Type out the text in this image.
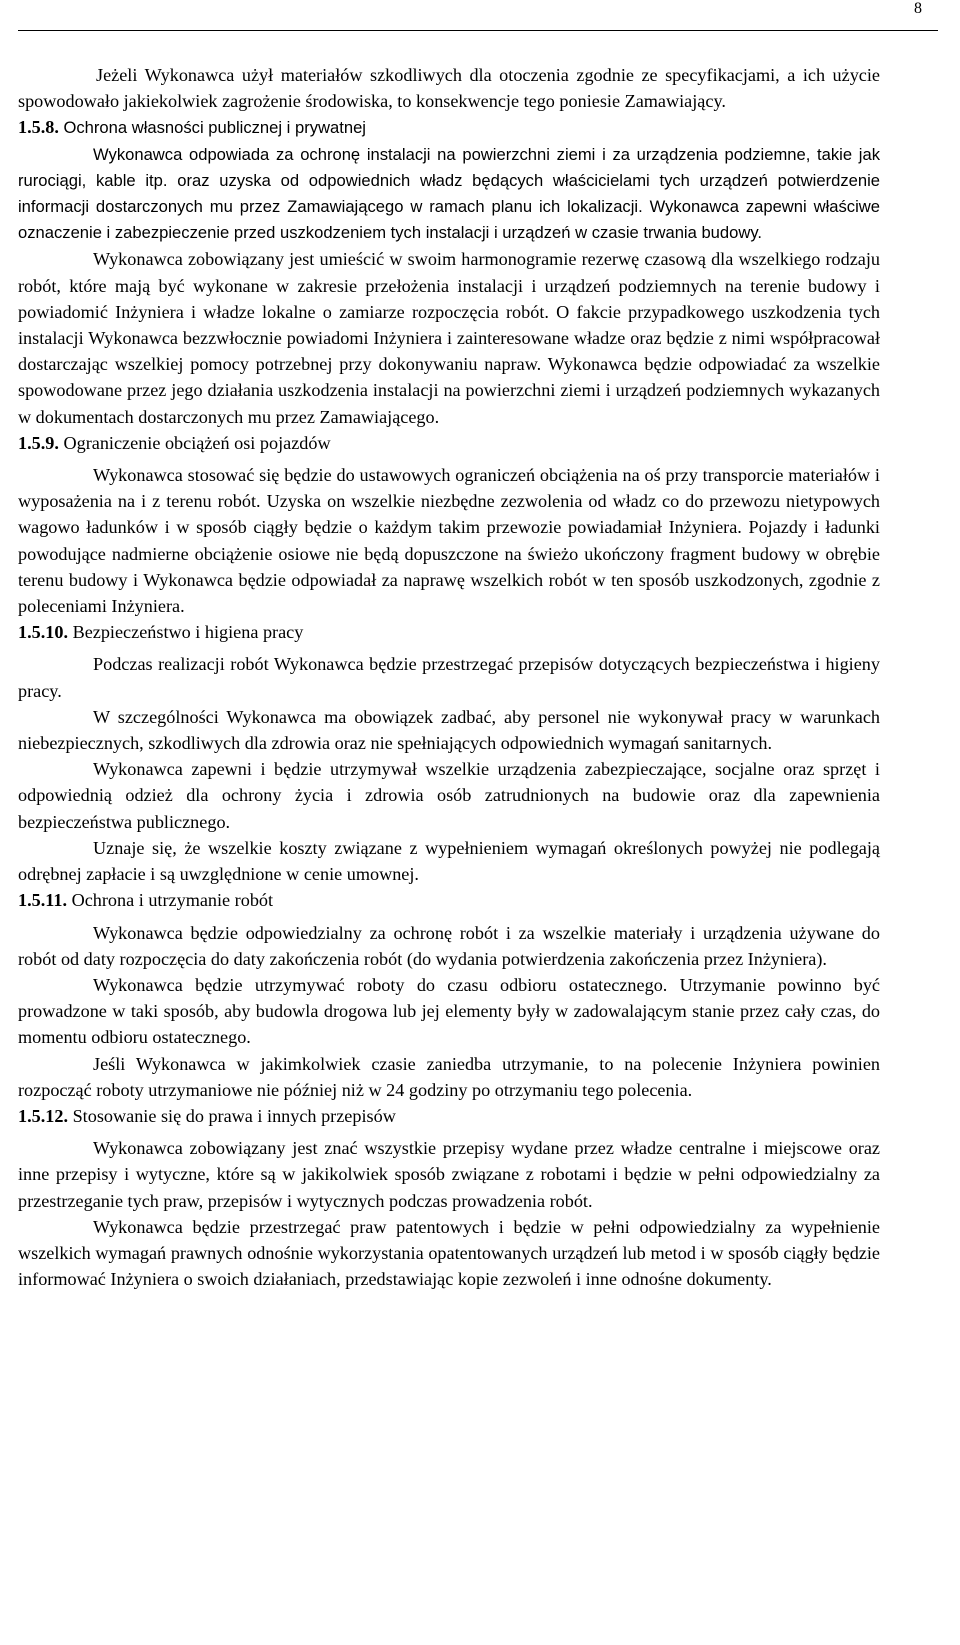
8

Jeżeli Wykonawca użył materiałów szkodliwych dla otoczenia zgodnie ze specyfikacjami, a ich użycie spowodowało jakiekolwiek zagrożenie środowiska, to konsekwencje tego poniesie Zamawiający.

1.5.8. Ochrona własności publicznej i prywatnej

Wykonawca odpowiada za ochronę instalacji na powierzchni ziemi i za urządzenia podziemne, takie jak rurociągi, kable itp. oraz uzyska od odpowiednich władz będących właścicielami tych urządzeń potwierdzenie informacji dostarczonych mu przez Zamawiającego w ramach planu ich lokalizacji. Wykonawca zapewni właściwe oznaczenie i zabezpieczenie przed uszkodzeniem tych instalacji i urządzeń w czasie trwania budowy.

Wykonawca zobowiązany jest umieścić w swoim harmonogramie rezerwę czasową dla wszelkiego rodzaju robót, które mają być wykonane w zakresie przełożenia instalacji i urządzeń podziemnych na terenie budowy i powiadomić Inżyniera i władze lokalne o zamiarze rozpoczęcia robót. O fakcie przypadkowego uszkodzenia tych instalacji Wykonawca bezzwłocznie powiadomi Inżyniera i zainteresowane władze oraz będzie z nimi współpracował dostarczając wszelkiej pomocy potrzebnej przy dokonywaniu napraw. Wykonawca będzie odpowiadać za wszelkie spowodowane przez jego działania uszkodzenia instalacji na powierzchni ziemi i urządzeń podziemnych wykazanych w dokumentach dostarczonych mu przez Zamawiającego.

1.5.9. Ograniczenie obciążeń osi pojazdów

Wykonawca stosować się będzie do ustawowych ograniczeń obciążenia na oś przy transporcie materiałów i wyposażenia na i z terenu robót. Uzyska on wszelkie niezbędne zezwolenia od władz co do przewozu nietypowych wagowo ładunków i w sposób ciągły będzie o każdym takim przewozie powiadamiał Inżyniera. Pojazdy i ładunki powodujące nadmierne obciążenie osiowe nie będą dopuszczone na świeżo ukończony fragment budowy w obrębie terenu budowy i Wykonawca będzie odpowiadał za naprawę wszelkich robót w ten sposób uszkodzonych, zgodnie z poleceniami Inżyniera.

1.5.10. Bezpieczeństwo i higiena pracy

Podczas realizacji robót Wykonawca będzie przestrzegać przepisów dotyczących bezpieczeństwa i higieny pracy.

W szczególności Wykonawca ma obowiązek zadbać, aby personel nie wykonywał pracy w warunkach niebezpiecznych, szkodliwych dla zdrowia oraz nie spełniających odpowiednich wymagań sanitarnych.

Wykonawca zapewni i będzie utrzymywał wszelkie urządzenia zabezpieczające, socjalne oraz sprzęt i odpowiednią odzież dla ochrony życia i zdrowia osób zatrudnionych na budowie oraz dla zapewnienia bezpieczeństwa publicznego.

Uznaje się, że wszelkie koszty związane z wypełnieniem wymagań określonych powyżej nie podlegają odrębnej zapłacie i są uwzględnione w cenie umownej.

1.5.11. Ochrona i utrzymanie robót

Wykonawca będzie odpowiedzialny za ochronę robót i za wszelkie materiały i urządzenia używane do robót od daty rozpoczęcia do daty zakończenia robót (do wydania potwierdzenia zakończenia przez Inżyniera).

Wykonawca będzie utrzymywać roboty do czasu odbioru ostatecznego. Utrzymanie powinno być prowadzone w taki sposób, aby budowla drogowa lub jej elementy były w zadowalającym stanie przez cały czas, do momentu odbioru ostatecznego.

Jeśli Wykonawca w jakimkolwiek czasie zaniedba utrzymanie, to na polecenie Inżyniera powinien rozpocząć roboty utrzymaniowe nie później niż w 24 godziny po otrzymaniu tego polecenia.

1.5.12. Stosowanie się do prawa i innych przepisów

Wykonawca zobowiązany jest znać wszystkie przepisy wydane przez władze centralne i miejscowe oraz inne przepisy i wytyczne, które są w jakikolwiek sposób związane z robotami i będzie w pełni odpowiedzialny za przestrzeganie tych praw, przepisów i wytycznych podczas prowadzenia robót.

Wykonawca będzie przestrzegać praw patentowych i będzie w pełni odpowiedzialny za wypełnienie wszelkich wymagań prawnych odnośnie wykorzystania opatentowanych urządzeń lub metod i w sposób ciągły będzie informować Inżyniera o swoich działaniach, przedstawiając kopie zezwoleń i inne odnośne dokumenty.
